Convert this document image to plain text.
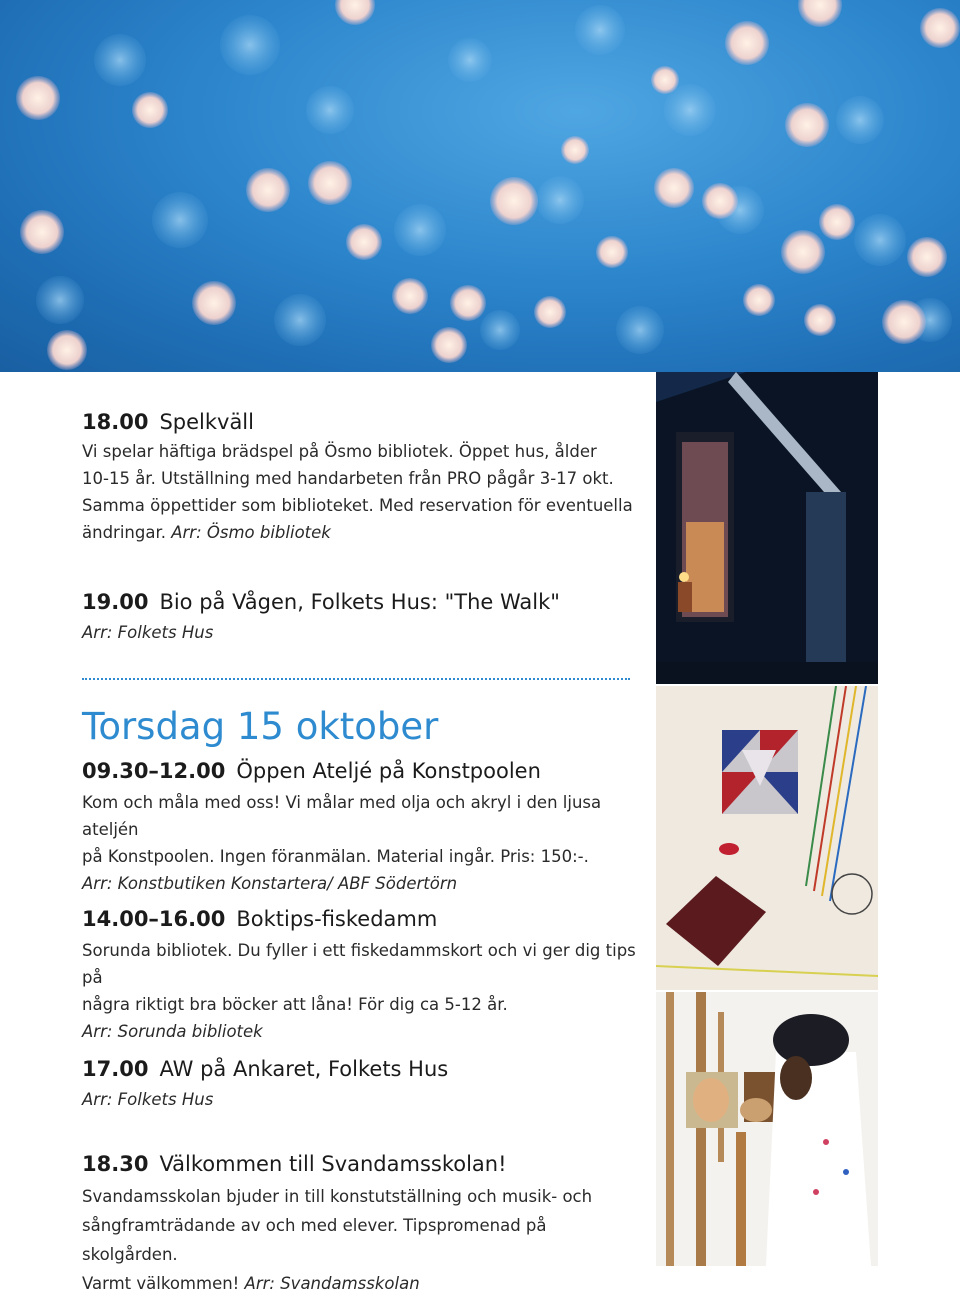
18.00 Spelkväll

Vi spelar häftiga brädspel på Ösmo bibliotek. Öppet hus, ålder
10-15 år. Utställning med handarbeten från PRO pågår 3-17 okt.
Samma öppettider som biblioteket. Med reservation för eventuella
ändringar. Arr: Ösmo bibliotek

19.00 Bio på Vågen, Folkets Hus: "The Walk"

Arr: Folkets Hus

Torsdag 15 oktober

09.30–12.00 Öppen Ateljé på Konstpoolen

Kom och måla med oss! Vi målar med olja och akryl i den ljusa ateljén
på Konstpoolen. Ingen föranmälan. Material ingår. Pris: 150:-.
Arr: Konstbutiken Konstartera/ ABF Södertörn

14.00–16.00 Boktips-fiskedamm

Sorunda bibliotek. Du fyller i ett fiskedammskort och vi ger dig tips på
några riktigt bra böcker att låna! För dig ca 5-12 år.
Arr: Sorunda bibliotek

17.00 AW på Ankaret, Folkets Hus

Arr: Folkets Hus

18.30 Välkommen till Svandamsskolan!

Svandamsskolan bjuder in till konstutställning och musik- och
sångframträdande av och med elever. Tipspromenad på skolgården.
Varmt välkommen! Arr: Svandamsskolan
